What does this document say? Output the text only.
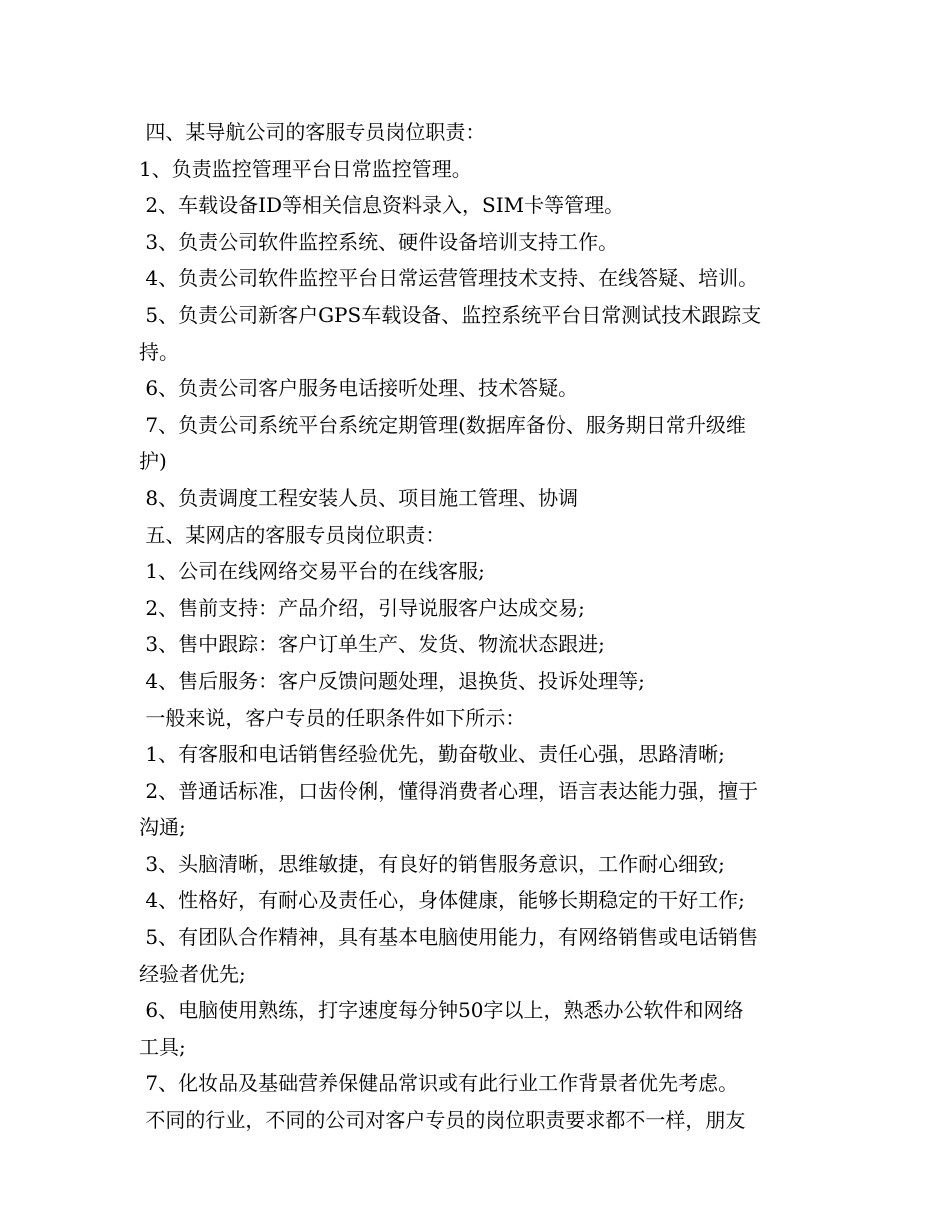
四、某导航公司的客服专员岗位职责：
1、负责监控管理平台日常监控管理。
2、车载设备ID等相关信息资料录入，SIM卡等管理。
3、负责公司软件监控系统、硬件设备培训支持工作。
4、负责公司软件监控平台日常运营管理技术支持、在线答疑、培训。
5、负责公司新客户GPS车载设备、监控系统平台日常测试技术跟踪支
持。
6、负责公司客户服务电话接听处理、技术答疑。
7、负责公司系统平台系统定期管理(数据库备份、服务期日常升级维
护)
8、负责调度工程安装人员、项目施工管理、协调
五、某网店的客服专员岗位职责：
1、公司在线网络交易平台的在线客服;
2、售前支持：产品介绍，引导说服客户达成交易;
3、售中跟踪：客户订单生产、发货、物流状态跟进;
4、售后服务：客户反馈问题处理，退换货、投诉处理等;
一般来说，客户专员的任职条件如下所示：
1、有客服和电话销售经验优先，勤奋敬业、责任心强，思路清晰;
2、普通话标准，口齿伶俐，懂得消费者心理，语言表达能力强，擅于
沟通;
3、头脑清晰，思维敏捷，有良好的销售服务意识，工作耐心细致;
4、性格好，有耐心及责任心，身体健康，能够长期稳定的干好工作;
5、有团队合作精神，具有基本电脑使用能力，有网络销售或电话销售
经验者优先;
6、电脑使用熟练，打字速度每分钟50字以上，熟悉办公软件和网络
工具;
7、化妆品及基础营养保健品常识或有此行业工作背景者优先考虑。
不同的行业，不同的公司对客户专员的岗位职责要求都不一样，朋友
